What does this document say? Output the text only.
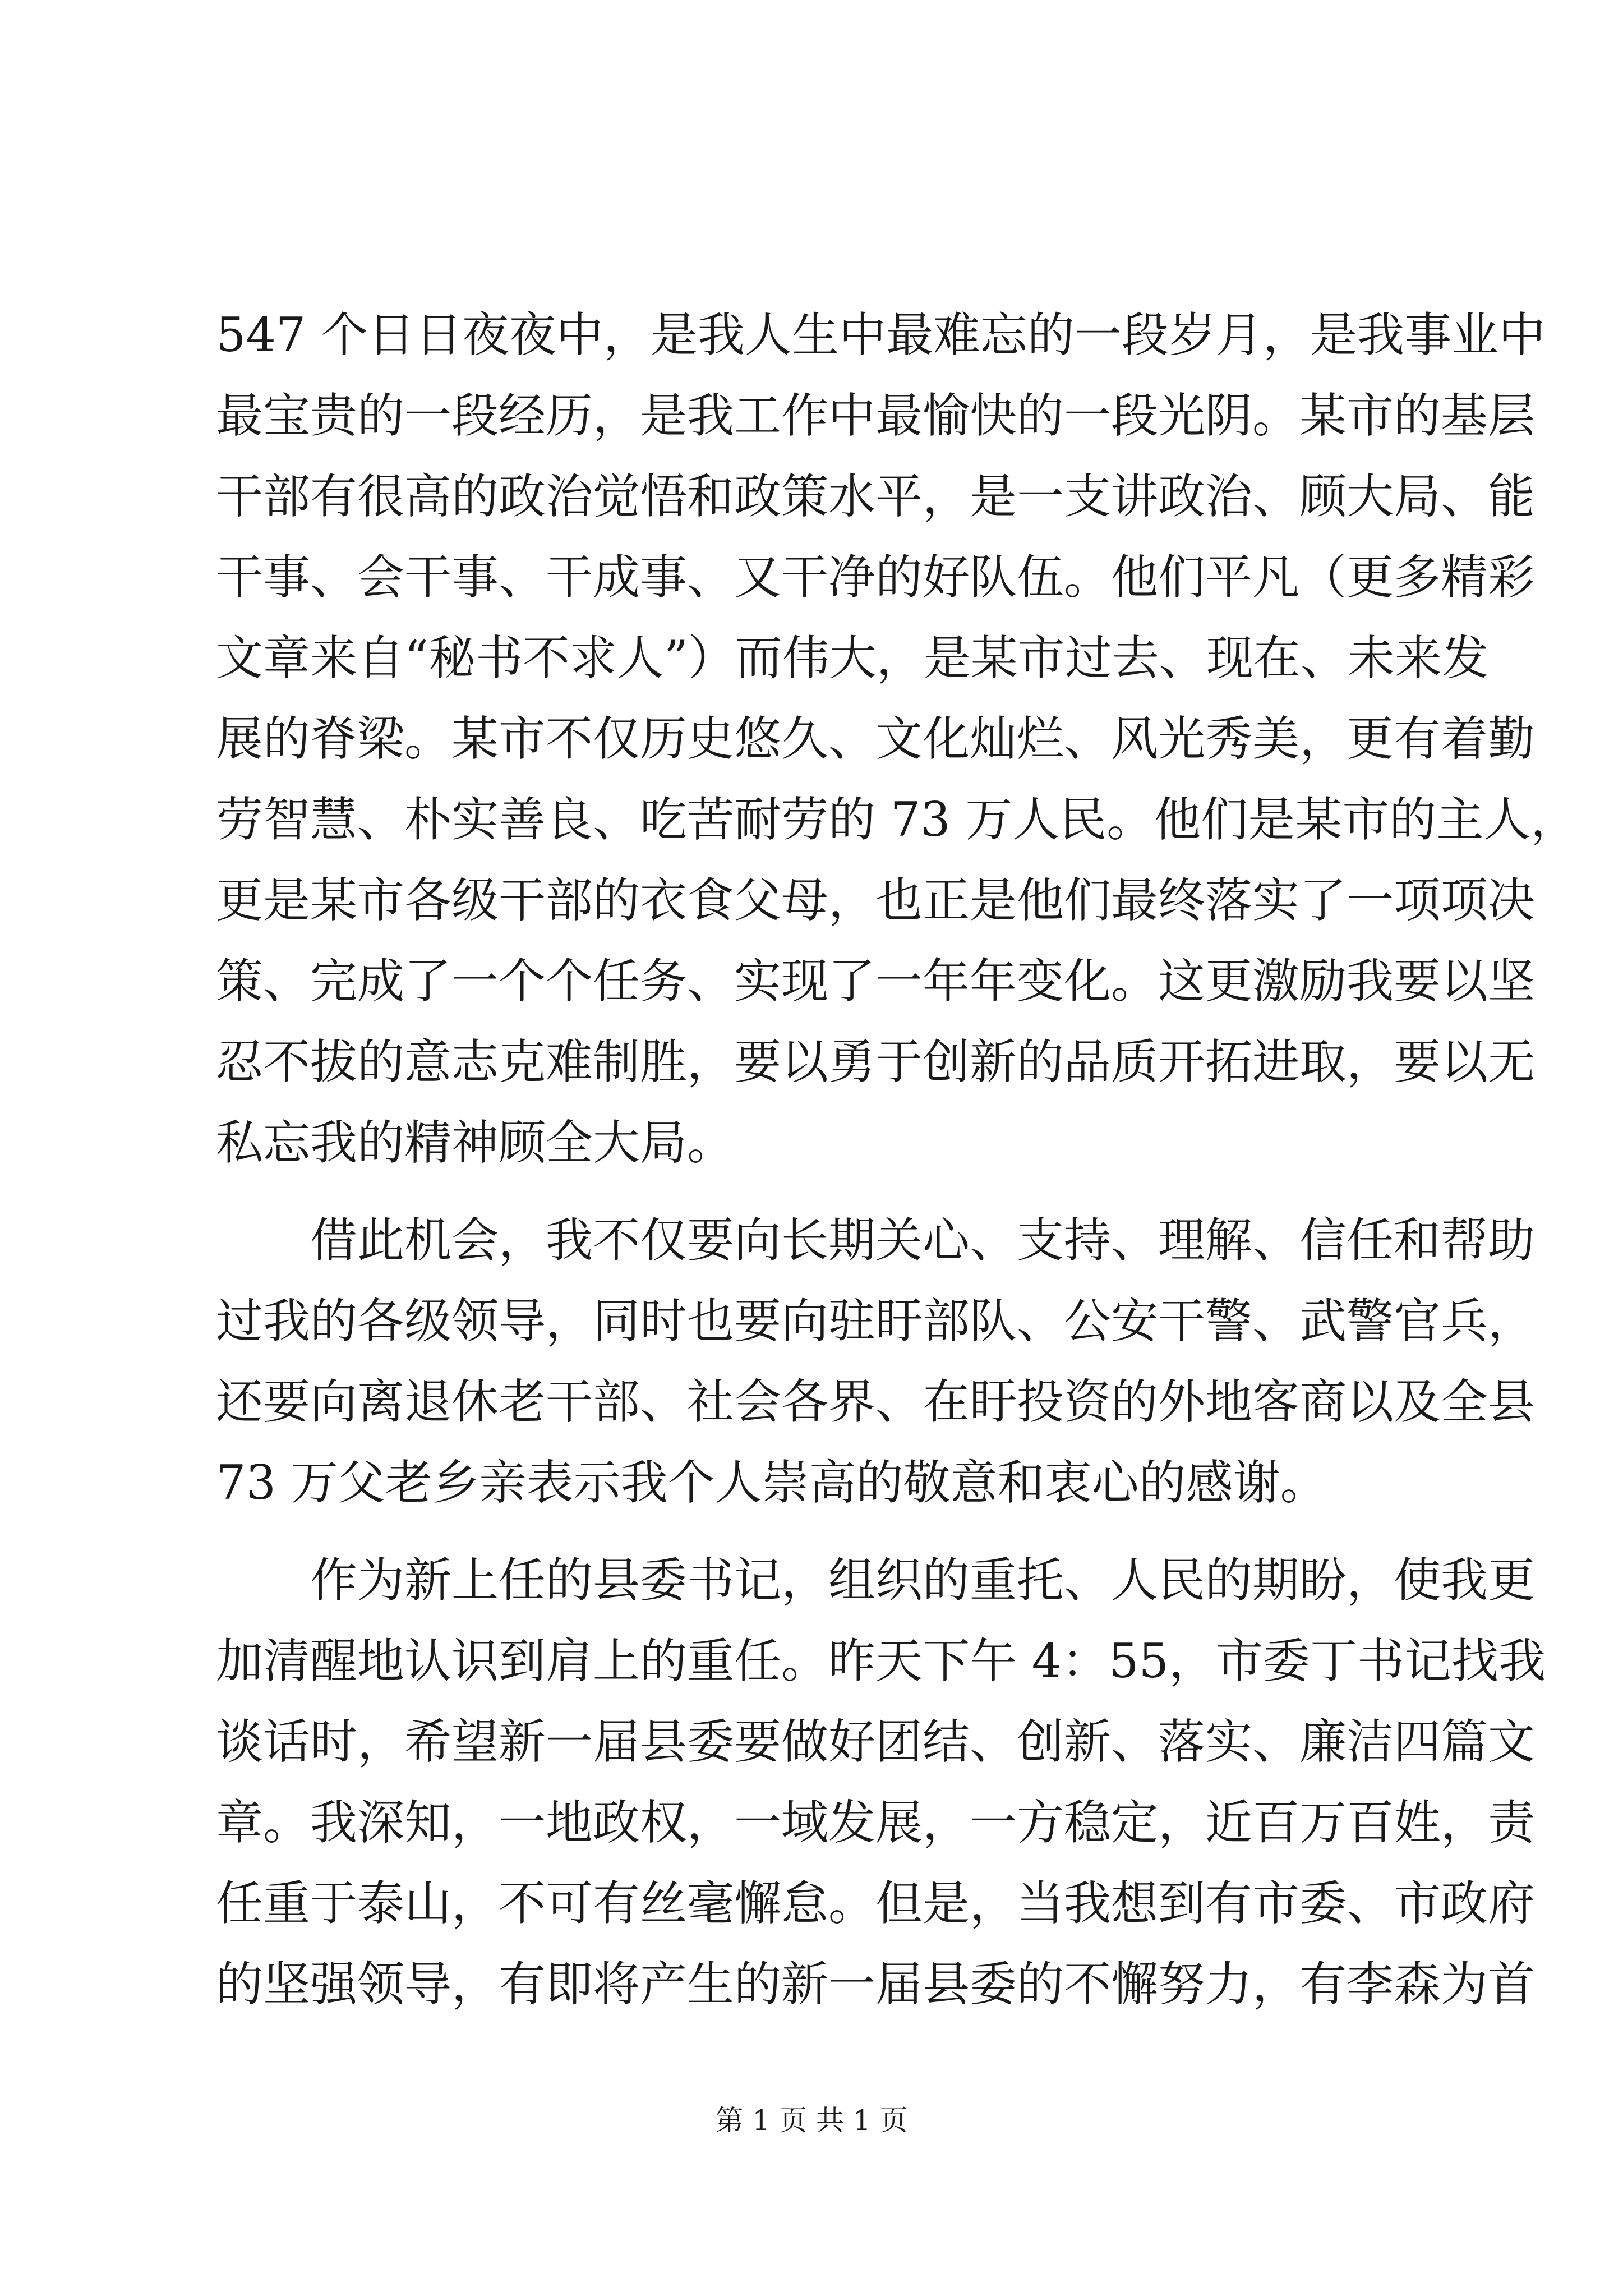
547 个日日夜夜中，是我人生中最难忘的一段岁月，是我事业中
最宝贵的一段经历，是我工作中最愉快的一段光阴。某市的基层
干部有很高的政治觉悟和政策水平，是一支讲政治、顾大局、能
干事、会干事、干成事、又干净的好队伍。他们平凡（更多精彩
文章来自“秘书不求人”）而伟大，是某市过去、现在、未来发
展的脊梁。某市不仅历史悠久、文化灿烂、风光秀美，更有着勤
劳智慧、朴实善良、吃苦耐劳的 73 万人民。他们是某市的主人，
更是某市各级干部的衣食父母，也正是他们最终落实了一项项决
策、完成了一个个任务、实现了一年年变化。这更激励我要以坚
忍不拔的意志克难制胜，要以勇于创新的品质开拓进取，要以无
私忘我的精神顾全大局。
借此机会，我不仅要向长期关心、支持、理解、信任和帮助
过我的各级领导，同时也要向驻盱部队、公安干警、武警官兵，
还要向离退休老干部、社会各界、在盱投资的外地客商以及全县
73 万父老乡亲表示我个人崇高的敬意和衷心的感谢。
作为新上任的县委书记，组织的重托、人民的期盼，使我更
加清醒地认识到肩上的重任。昨天下午 4：55，市委丁书记找我
谈话时，希望新一届县委要做好团结、创新、落实、廉洁四篇文
章。我深知，一地政权，一域发展，一方稳定，近百万百姓，责
任重于泰山，不可有丝毫懈怠。但是，当我想到有市委、市政府
的坚强领导，有即将产生的新一届县委的不懈努力，有李森为首
第 1 页 共 1 页
